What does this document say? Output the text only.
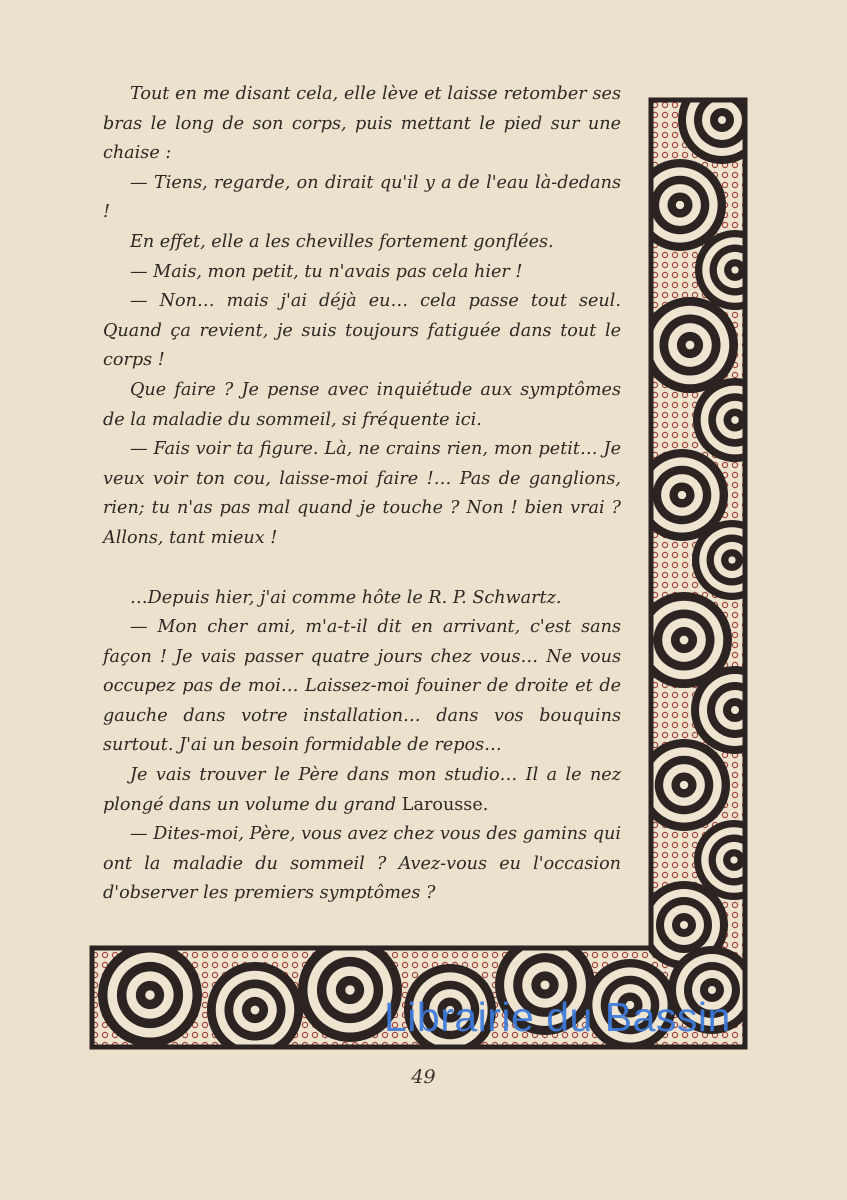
Tout en me disant cela, elle lève et laisse retomber ses bras le long de son corps, puis mettant le pied sur une chaise :

— Tiens, regarde, on dirait qu'il y a de l'eau là-dedans !

En effet, elle a les chevilles fortement gonflées.

— Mais, mon petit, tu n'avais pas cela hier !

— Non… mais j'ai déjà eu… cela passe tout seul. Quand ça revient, je suis toujours fatiguée dans tout le corps !

Que faire ? Je pense avec inquiétude aux symptômes de la maladie du sommeil, si fréquente ici.

— Fais voir ta figure. Là, ne crains rien, mon petit… Je veux voir ton cou, laisse-moi faire !… Pas de ganglions, rien; tu n'as pas mal quand je touche ? Non ! bien vrai ? Allons, tant mieux !

…Depuis hier, j'ai comme hôte le R. P. Schwartz.

— Mon cher ami, m'a-t-il dit en arrivant, c'est sans façon ! Je vais passer quatre jours chez vous… Ne vous occupez pas de moi… Laissez-moi fouiner de droite et de gauche dans votre installation… dans vos bouquins surtout. J'ai un besoin formidable de repos…

Je vais trouver le Père dans mon studio… Il a le nez plongé dans un volume du grand Larousse.

— Dites-moi, Père, vous avez chez vous des gamins qui ont la maladie du sommeil ? Avez-vous eu l'occasion d'observer les premiers symptômes ?

49
Librairie du Bassin
